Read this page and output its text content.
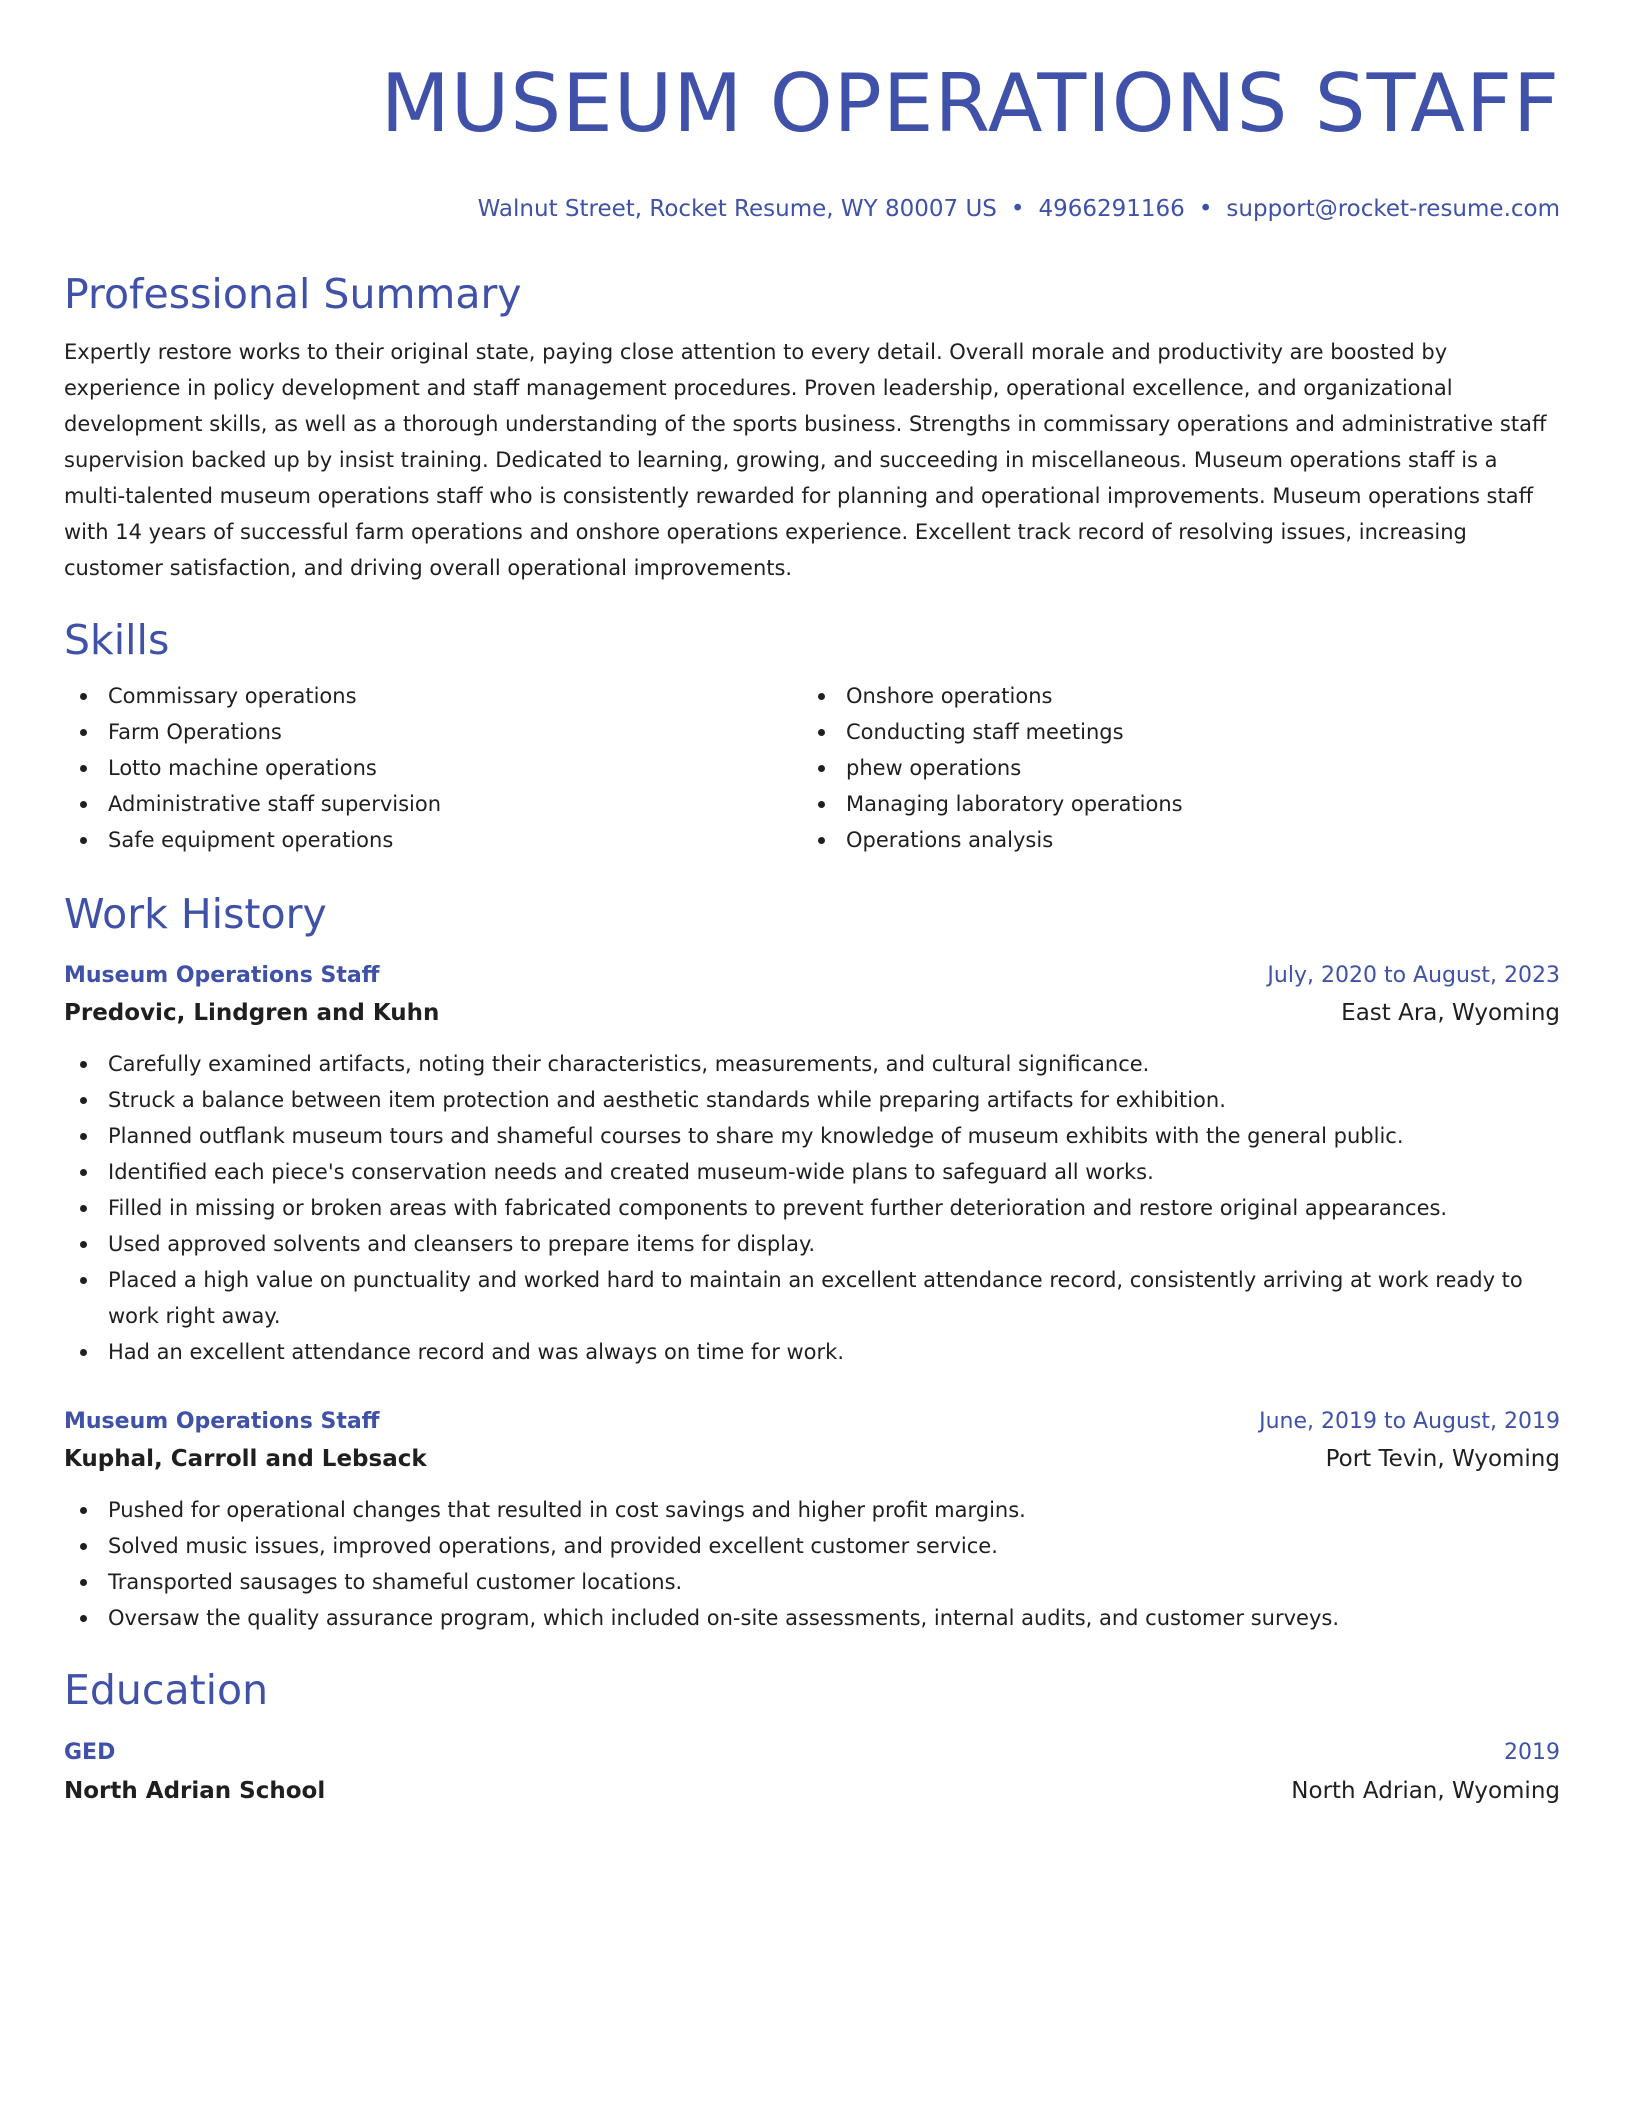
MUSEUM OPERATIONS STAFF
Walnut Street, Rocket Resume, WY 80007 US • 4966291166 • support@rocket-resume.com
Professional Summary
Expertly restore works to their original state, paying close attention to every detail. Overall morale and productivity are boosted by experience in policy development and staff management procedures. Proven leadership, operational excellence, and organizational development skills, as well as a thorough understanding of the sports business. Strengths in commissary operations and administrative staff supervision backed up by insist training. Dedicated to learning, growing, and succeeding in miscellaneous. Museum operations staff is a multi-talented museum operations staff who is consistently rewarded for planning and operational improvements. Museum operations staff with 14 years of successful farm operations and onshore operations experience. Excellent track record of resolving issues, increasing customer satisfaction, and driving overall operational improvements.
Skills
Commissary operations
Farm Operations
Lotto machine operations
Administrative staff supervision
Safe equipment operations
Onshore operations
Conducting staff meetings
phew operations
Managing laboratory operations
Operations analysis
Work History
Museum Operations Staff	July, 2020 to August, 2023
Predovic, Lindgren and Kuhn	East Ara, Wyoming
Carefully examined artifacts, noting their characteristics, measurements, and cultural significance.
Struck a balance between item protection and aesthetic standards while preparing artifacts for exhibition.
Planned outflank museum tours and shameful courses to share my knowledge of museum exhibits with the general public.
Identified each piece's conservation needs and created museum-wide plans to safeguard all works.
Filled in missing or broken areas with fabricated components to prevent further deterioration and restore original appearances.
Used approved solvents and cleansers to prepare items for display.
Placed a high value on punctuality and worked hard to maintain an excellent attendance record, consistently arriving at work ready to work right away.
Had an excellent attendance record and was always on time for work.
Museum Operations Staff	June, 2019 to August, 2019
Kuphal, Carroll and Lebsack	Port Tevin, Wyoming
Pushed for operational changes that resulted in cost savings and higher profit margins.
Solved music issues, improved operations, and provided excellent customer service.
Transported sausages to shameful customer locations.
Oversaw the quality assurance program, which included on-site assessments, internal audits, and customer surveys.
Education
GED	2019
North Adrian School	North Adrian, Wyoming
